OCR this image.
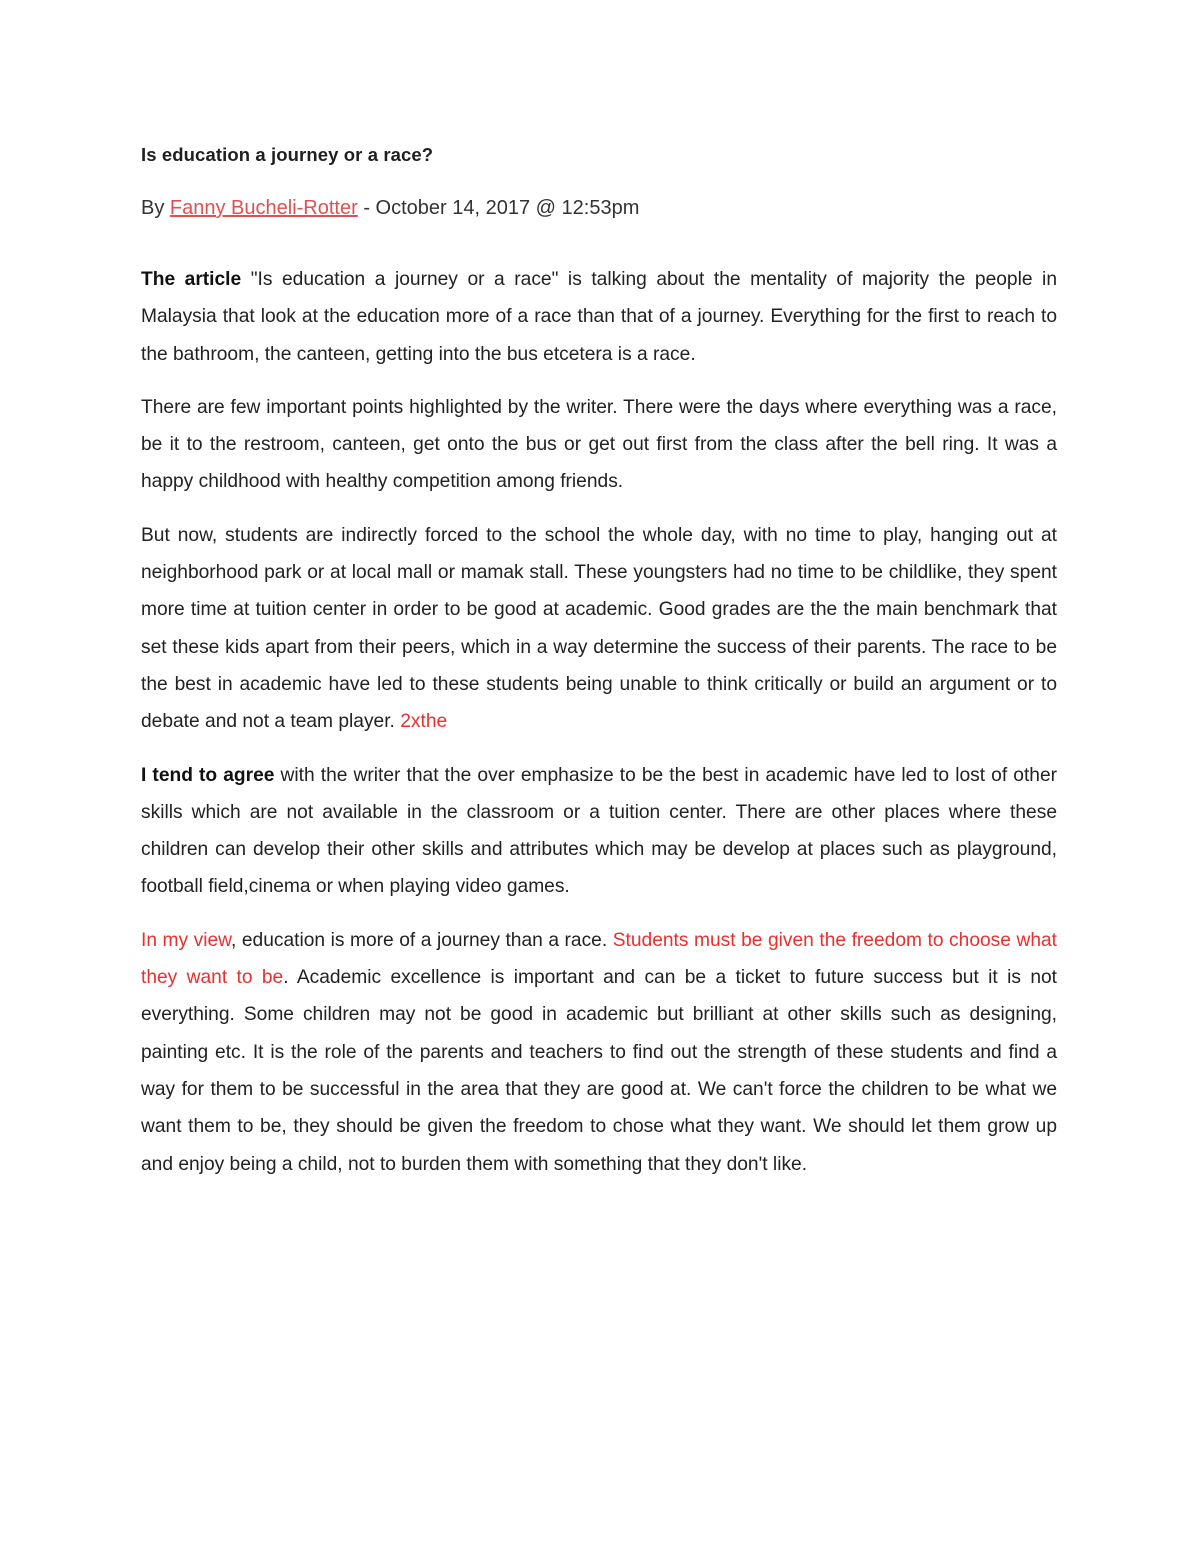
Is education a journey or a race?
By Fanny Bucheli-Rotter - October 14, 2017 @ 12:53pm

The article "Is education a journey or a race" is talking about the mentality of majority the people in Malaysia that look at the education more of a race than that of a journey. Everything for the first to reach to the bathroom, the canteen, getting into the bus etcetera is a race.

There are few important points highlighted by the writer. There were the days where everything was a race, be it to the restroom, canteen, get onto the bus or get out first from the class after the bell ring. It was a happy childhood with healthy competition among friends.

But now, students are indirectly forced to the school the whole day, with no time to play, hanging out at neighborhood park or at local mall or mamak stall. These youngsters had no time to be childlike, they spent more time at tuition center in order to be good at academic. Good grades are the the main benchmark that set these kids apart from their peers, which in a way determine the success of their parents. The race to be the best in academic have led to these students being unable to think critically or build an argument or to debate and not a team player. 2xthe

I tend to agree with the writer that the over emphasize to be the best in academic have led to lost of other skills which are not available in the classroom or a tuition center. There are other places where these children can develop their other skills and attributes which may be develop at places such as playground, football field,cinema or when playing video games.

In my view, education is more of a journey than a race. Students must be given the freedom to choose what they want to be. Academic excellence is important and can be a ticket to future success but it is not everything. Some children may not be good in academic but brilliant at other skills such as designing, painting etc. It is the role of the parents and teachers to find out the strength of these students and find a way for them to be successful in the area that they are good at. We can't force the children to be what we want them to be, they should be given the freedom to chose what they want. We should let them grow up and enjoy being a child, not to burden them with something that they don't like.
